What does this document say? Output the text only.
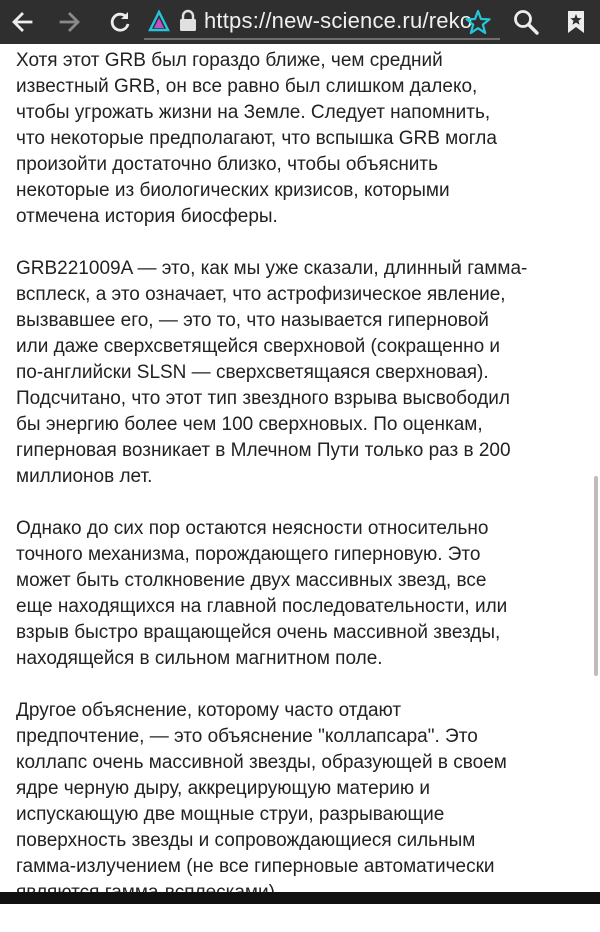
https://new-science.ru/reko

Хотя этот GRB был гораздо ближе, чем средний
известный GRB, он все равно был слишком далеко,
чтобы угрожать жизни на Земле. Следует напомнить,
что некоторые предполагают, что вспышка GRB могла
произойти достаточно близко, чтобы объяснить
некоторые из биологических кризисов, которыми
отмечена история биосферы.

GRB221009A — это, как мы уже сказали, длинный гамма-
всплеск, а это означает, что астрофизическое явление,
вызвавшее его, — это то, что называется гиперновой
или даже сверхсветящейся сверхновой (сокращенно и
по-английски SLSN — сверхсветящаяся сверхновая).
Подсчитано, что этот тип звездного взрыва высвободил
бы энергию более чем 100 сверхновых. По оценкам,
гиперновая возникает в Млечном Пути только раз в 200
миллионов лет.

Однако до сих пор остаются неясности относительно
точного механизма, порождающего гиперновую. Это
может быть столкновение двух массивных звезд, все
еще находящихся на главной последовательности, или
взрыв быстро вращающейся очень массивной звезды,
находящейся в сильном магнитном поле.

Другое объяснение, которому часто отдают
предпочтение, — это объяснение "коллапсара". Это
коллапс очень массивной звезды, образующей в своем
ядре черную дыру, аккрецирующую материю и
испускающую две мощные струи, разрывающие
поверхность звезды и сопровождающиеся сильным
гамма-излучением (не все гиперновые автоматически
